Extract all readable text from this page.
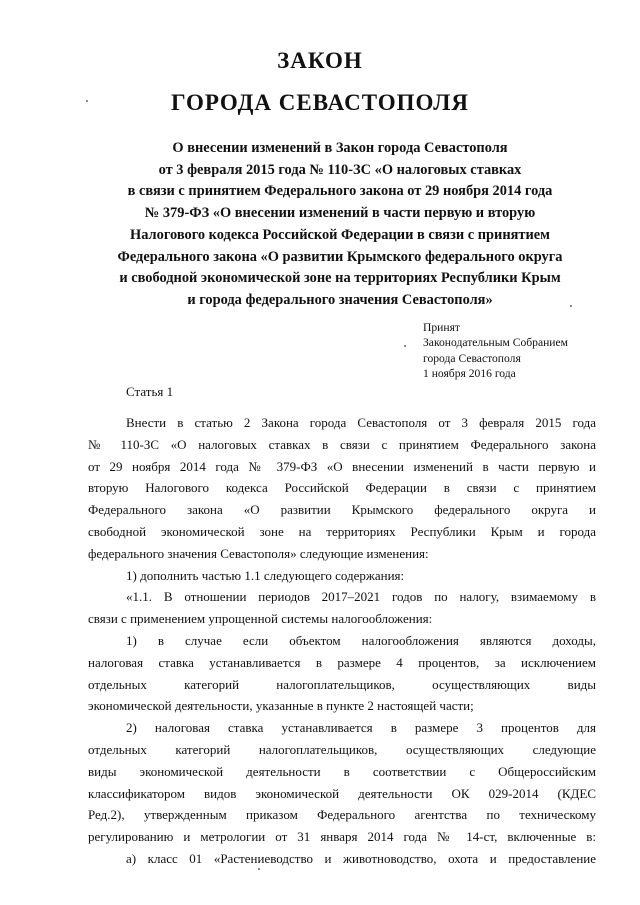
ЗАКОН
ГОРОДА СЕВАСТОПОЛЯ
О внесении изменений в Закон города Севастополя
от 3 февраля 2015 года № 110-ЗС «О налоговых ставках
в связи с принятием Федерального закона от 29 ноября 2014 года
№ 379-ФЗ «О внесении изменений в части первую и вторую
Налогового кодекса Российской Федерации в связи с принятием
Федерального закона «О развитии Крымского федерального округа
и свободной экономической зоне на территориях Республики Крым
и города федерального значения Севастополя»
Принят
Законодательным Собранием
города Севастополя
1 ноября 2016 года
Статья 1
Внести в статью 2 Закона города Севастополя от 3 февраля 2015 года
№ 110-ЗС «О налоговых ставках в связи с принятием Федерального закона
от 29 ноября 2014 года № 379-ФЗ «О внесении изменений в части первую и
вторую Налогового кодекса Российской Федерации в связи с принятием
Федерального закона «О развитии Крымского федерального округа и
свободной экономической зоне на территориях Республики Крым и города
федерального значения Севастополя» следующие изменения:
1) дополнить частью 1.1 следующего содержания:
«1.1. В отношении периодов 2017–2021 годов по налогу, взимаемому в
связи с применением упрощенной системы налогообложения:
1) в случае если объектом налогообложения являются доходы,
налоговая ставка устанавливается в размере 4 процентов, за исключением
отдельных категорий налогоплательщиков, осуществляющих виды
экономической деятельности, указанные в пункте 2 настоящей части;
2) налоговая ставка устанавливается в размере 3 процентов для
отдельных категорий налогоплательщиков, осуществляющих следующие
виды экономической деятельности в соответствии с Общероссийским
классификатором видов экономической деятельности ОК 029-2014 (КДЕС
Ред.2), утвержденным приказом Федерального агентства по техническому
регулированию и метрологии от 31 января 2014 года № 14-ст, включенные в:
а) класс 01 «Растениеводство и животноводство, охота и предоставление
